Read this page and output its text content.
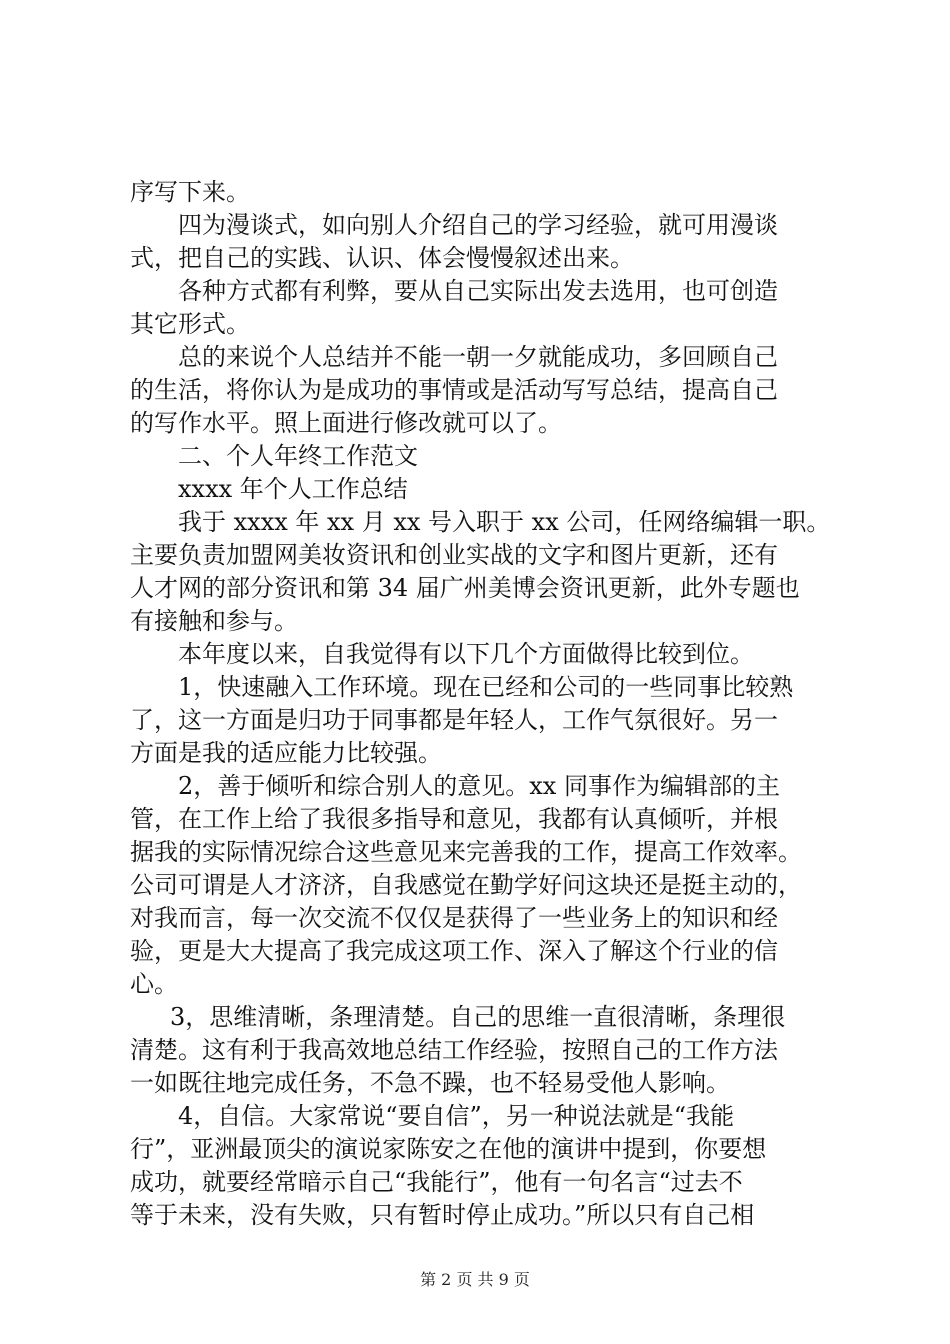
序写下来。
四为漫谈式，如向别人介绍自己的学习经验，就可用漫谈
式，把自己的实践、认识、体会慢慢叙述出来。
各种方式都有利弊，要从自己实际出发去选用，也可创造
其它形式。
总的来说个人总结并不能一朝一夕就能成功，多回顾自己
的生活，将你认为是成功的事情或是活动写写总结，提高自己
的写作水平。照上面进行修改就可以了。
二、个人年终工作范文
xxxx 年个人工作总结
我于 xxxx 年 xx 月 xx 号入职于 xx 公司，任网络编辑一职。
主要负责加盟网美妆资讯和创业实战的文字和图片更新，还有
人才网的部分资讯和第 34 届广州美博会资讯更新，此外专题也
有接触和参与。
本年度以来，自我觉得有以下几个方面做得比较到位。
1，快速融入工作环境。现在已经和公司的一些同事比较熟
了，这一方面是归功于同事都是年轻人，工作气氛很好。另一
方面是我的适应能力比较强。
2，善于倾听和综合别人的意见。xx 同事作为编辑部的主
管，在工作上给了我很多指导和意见，我都有认真倾听，并根
据我的实际情况综合这些意见来完善我的工作，提高工作效率。
公司可谓是人才济济，自我感觉在勤学好问这块还是挺主动的，
对我而言，每一次交流不仅仅是获得了一些业务上的知识和经
验，更是大大提高了我完成这项工作、深入了解这个行业的信
心。
3，思维清晰，条理清楚。自己的思维一直很清晰，条理很
清楚。这有利于我高效地总结工作经验，按照自己的工作方法
一如既往地完成任务，不急不躁，也不轻易受他人影响。
4，自信。大家常说“要自信”，另一种说法就是“我能
行”，亚洲最顶尖的演说家陈安之在他的演讲中提到，你要想
成功，就要经常暗示自己“我能行”，他有一句名言“过去不
等于未来，没有失败，只有暂时停止成功。”所以只有自己相
第 2 页 共 9 页
